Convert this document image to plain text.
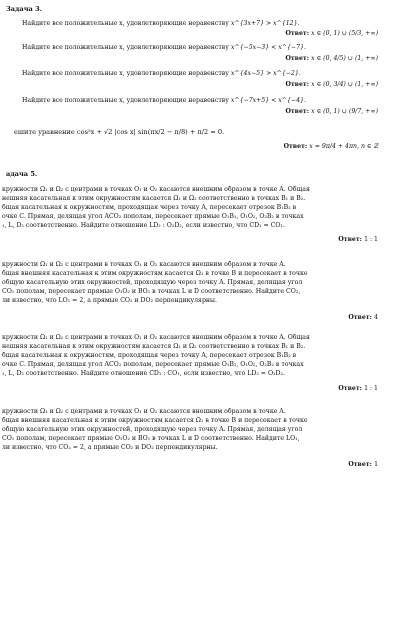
Задача 3.
Найдите все положительные x, удовлетворяющие неравенству x^{3x+7} > x^{12}.
Ответ: x ∈ (0, 1) ∪ (5/3, +∞)
Найдите все положительные x, удовлетворяющие неравенству x^{−5x−3} < x^{−7}.
Ответ: x ∈ (0, 4/5) ∪ (1, +∞)
Найдите все положительные x, удовлетворяющие неравенству x^{4x−5} > x^{−2}.
Ответ: x ∈ (0, 3/4) ∪ (1, +∞)
Найдите все положительные x, удовлетворяющие неравенству x^{−7x+5} < x^{−4}.
Ответ: x ∈ (0, 1) ∪ (9/7, +∞)
ешите уравнение cos²x + √2 |cos x| sin(πx/2 − π/8) + π/2 = 0.
Ответ: x = 9π/4 + 4πn, n ∈ ℤ
адача 5.
кружности Ω₁ и Ω₂ с центрами в точках O₁ и O₂ касаются внешним образом в точке A. Общая
нешняя касательная к этим окружностям касается Ω₁ и Ω₂ соответственно в точках B₁ и B₂.
бщая касательная к окружностям, проходящая через точку A, пересекает отрезок B₁B₂ в
очке C. Прямая, делящая угол ACO₂ пополам, пересекает прямые O₁B₁, O₁O₂, O₂B₂ в точках
₁, L, D₂ соответственно. Найдите отношение LD₂ : O₂D₂, если известно, что CD₁ = CO₁.
Ответ: 1 : 1
кружности Ω₁ и Ω₂ с центрами в точках O₁ и O₂ касаются внешним образом в точке A.
бщая внешняя касательная к этим окружностям касается Ω₁ в точке B и пересекает в точке
общую касательную этих окружностей, проходящую через точку A. Прямая, делящая угол
CO₁ пополам, пересекает прямые O₁O₂ и BO₁ в точках L и D соответственно. Найдите CO₂,
ли известно, что LO₁ = 2, а прямые CO₂ и DO₂ перпендикулярны.
Ответ: 4
кружности Ω₁ и Ω₂ с центрами в точках O₁ и O₂ касаются внешним образом в точке A. Общая
нешняя касательная к этим окружностям касается Ω₁ и Ω₂ соответственно в точках B₁ и B₂.
бщая касательная к окружностям, проходящая через точку A, пересекает отрезок B₁B₂ в
очке C. Прямая, делящая угол ACO₂ пополам, пересекает прямые O₁B₁, O₁O₂, O₂B₂ в точках
₁, L, D₂ соответственно. Найдите отношение CD₁ : CO₁, если известно, что LD₂ = O₂D₂.
Ответ: 1 : 1
кружности Ω₁ и Ω₂ с центрами в точках O₁ и O₂ касаются внешним образом в точке A.
бщая внешняя касательная к этим окружностям касается Ω₁ в точке B и пересекает в точке
общую касательную этих окружностей, проходящую через точку A. Прямая, делящая угол
CO₁ пополам, пересекает прямые O₁O₂ и BO₁ в точках L и D соответственно. Найдите LO₁,
ли известно, что CO₂ = 2, а прямые CO₂ и DO₂ перпендикулярны.
Ответ: 1
